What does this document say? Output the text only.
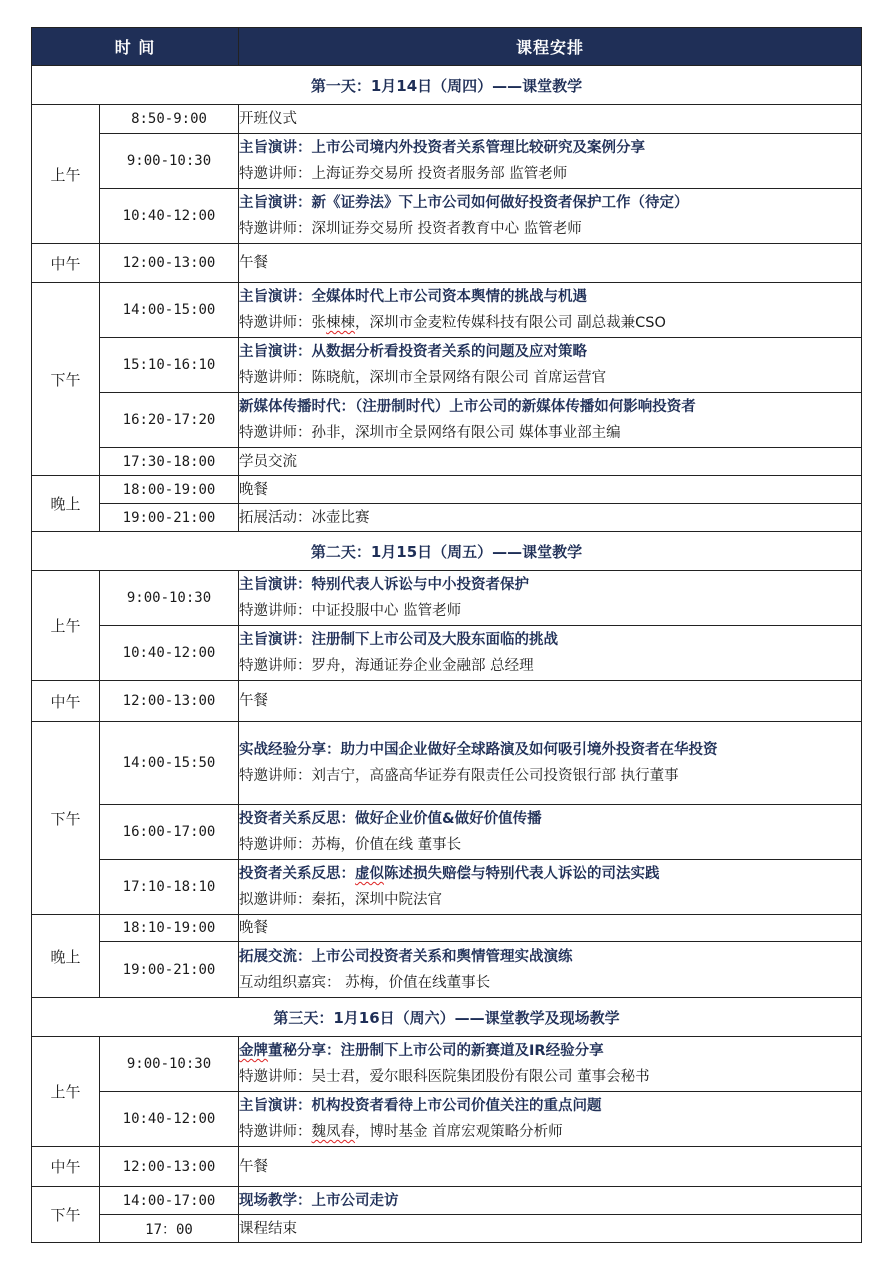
时 间		课程安排
第一天：1月14日（周四）——课堂教学		
上午	8:50-9:00	开班仪式

	9:00-10:30	主旨演讲：上市公司境内外投资者关系管理比较研究及案例分享
特邀讲师：上海证券交易所 投资者服务部 监管老师

	10:40-12:00	主旨演讲：新《证券法》下上市公司如何做好投资者保护工作（待定）
特邀讲师：深圳证券交易所 投资者教育中心 监管老师

中午	12:00-13:00	午餐

下午	14:00-15:00	主旨演讲：全媒体时代上市公司资本舆情的挑战与机遇
特邀讲师：张棟棟，深圳市金麦粒传媒科技有限公司 副总裁兼CSO

	15:10-16:10	主旨演讲：从数据分析看投资者关系的问题及应对策略
特邀讲师：陈晓航，深圳市全景网络有限公司 首席运营官

	16:20-17:20	新媒体传播时代：（注册制时代）上市公司的新媒体传播如何影响投资者
特邀讲师：孙非，深圳市全景网络有限公司 媒体事业部主编

	17:30-18:00	学员交流

晚上	18:00-19:00	晚餐

	19:00-21:00	拓展活动：冰壶比赛

第二天：1月15日（周五）——课堂教学		
上午	9:00-10:30	主旨演讲：特别代表人诉讼与中小投资者保护
特邀讲师：中证投服中心 监管老师

	10:40-12:00	主旨演讲：注册制下上市公司及大股东面临的挑战
特邀讲师：罗舟，海通证券企业金融部 总经理

中午	12:00-13:00	午餐

下午	14:00-15:50	实战经验分享：助力中国企业做好全球路演及如何吸引境外投资者在华投资
特邀讲师：刘吉宁，高盛高华证券有限责任公司投资银行部 执行董事

	16:00-17:00	投资者关系反思：做好企业价值&做好价值传播
特邀讲师：苏梅，价值在线 董事长

	17:10-18:10	投资者关系反思：虚似陈述损失赔偿与特别代表人诉讼的司法实践
拟邀讲师：秦拓，深圳中院法官

晚上	18:10-19:00	晚餐

	19:00-21:00	拓展交流：上市公司投资者关系和舆情管理实战演练
互动组织嘉宾： 苏梅，价值在线董事长

第三天：1月16日（周六）——课堂教学及现场教学		
上午	9:00-10:30	金牌董秘分享：注册制下上市公司的新赛道及IR经验分享
特邀讲师：吴士君，爱尔眼科医院集团股份有限公司 董事会秘书

	10:40-12:00	主旨演讲：机构投资者看待上市公司价值关注的重点问题
特邀讲师：魏凤春，博时基金 首席宏观策略分析师

中午	12:00-13:00	午餐

下午	14:00-17:00	现场教学：上市公司走访

	17：00	课程结束
